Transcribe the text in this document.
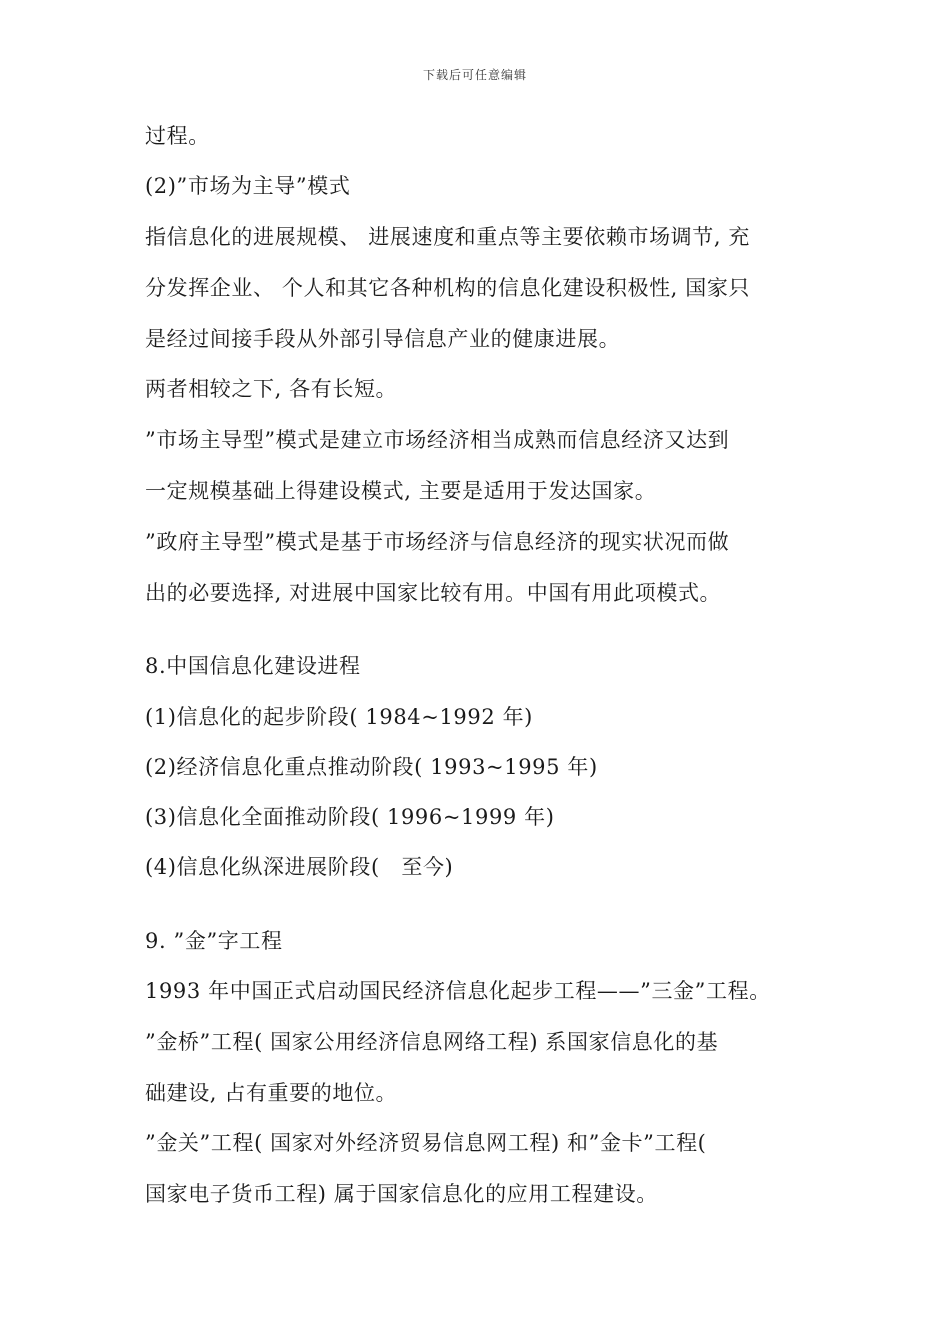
下载后可任意编辑
过程。
(2)”市场为主导”模式
指信息化的进展规模、 进展速度和重点等主要依赖市场调节, 充
分发挥企业、 个人和其它各种机构的信息化建设积极性, 国家只
是经过间接手段从外部引导信息产业的健康进展。
两者相较之下, 各有长短。
”市场主导型”模式是建立市场经济相当成熟而信息经济又达到
一定规模基础上得建设模式, 主要是适用于发达国家。
”政府主导型”模式是基于市场经济与信息经济的现实状况而做
出的必要选择, 对进展中国家比较有用。中国有用此项模式。
8.中国信息化建设进程
(1)信息化的起步阶段( 1984~1992 年)
(2)经济信息化重点推动阶段( 1993~1995 年)
(3)信息化全面推动阶段( 1996~1999 年)
(4)信息化纵深进展阶段(　至今)
9. ”金”字工程
1993 年中国正式启动国民经济信息化起步工程——”三金”工程。
”金桥”工程( 国家公用经济信息网络工程) 系国家信息化的基
础建设, 占有重要的地位。
”金关”工程( 国家对外经济贸易信息网工程) 和”金卡”工程(
国家电子货币工程) 属于国家信息化的应用工程建设。
